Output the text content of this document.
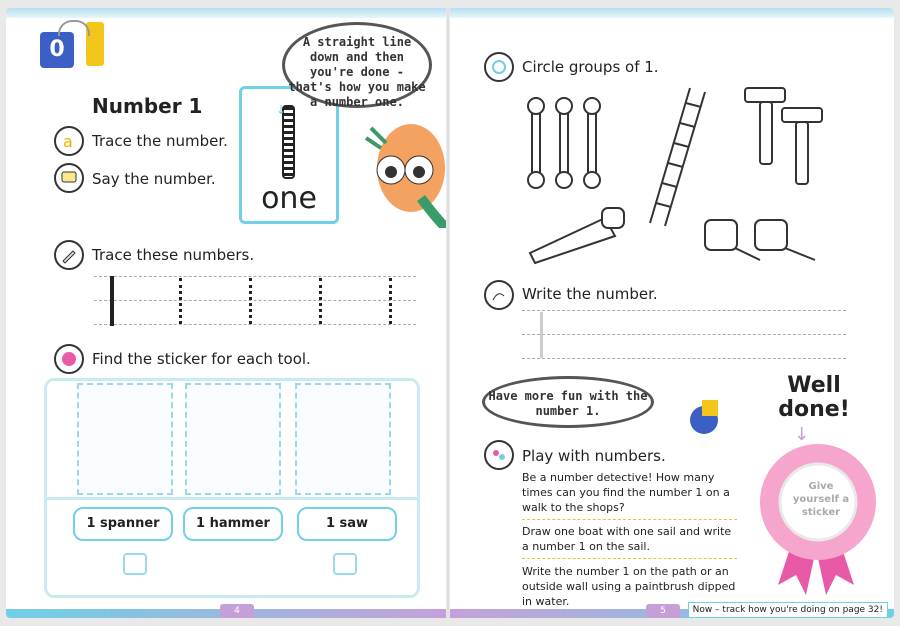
0
Number 1
a Trace the number.
Say the number.
↓
one
A straight line down and then you're done - that's how you make a number one.
Trace these numbers.
Find the sticker for each tool.
1 spanner	1 hammer	1 saw
4
Circle groups of 1.
Write the number.
Have more fun with the number 1.
Well done!
↓
Give yourself a sticker
Play with numbers.
Be a number detective! How many times can you find the number 1 on a walk to the shops?
Draw one boat with one sail and write a number 1 on the sail.
Write the number 1 on the path or an outside wall using a paintbrush dipped in water.
5	Now – track how you're doing on page 32!
